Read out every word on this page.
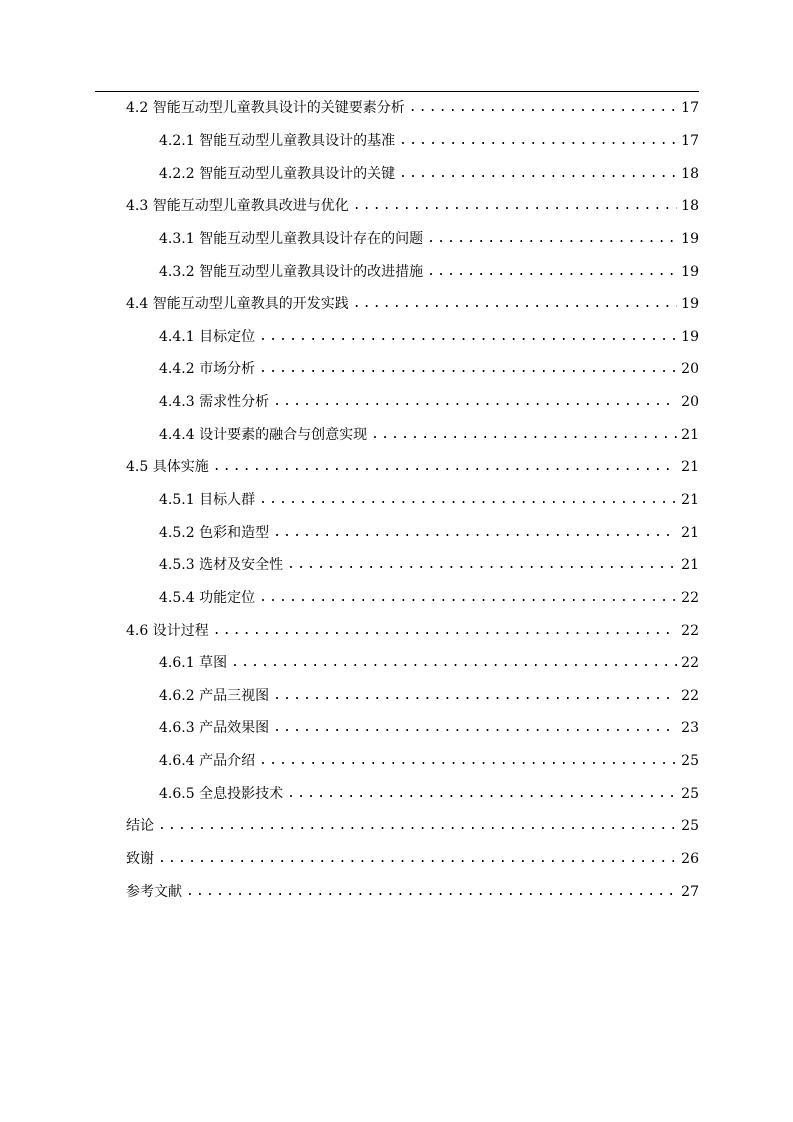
4.2 智能互动型儿童教具设计的关键要素分析 .....	17
4.2.1 智能互动型儿童教具设计的基准 .....	17
4.2.2 智能互动型儿童教具设计的关键 .....	18
4.3 智能互动型儿童教具改进与优化 .....	18
4.3.1 智能互动型儿童教具设计存在的问题 .....	19
4.3.2 智能互动型儿童教具设计的改进措施 .....	19
4.4 智能互动型儿童教具的开发实践 .....	19
4.4.1 目标定位 .....	19
4.4.2 市场分析 .....	20
4.4.3 需求性分析 .....	20
4.4.4 设计要素的融合与创意实现 .....	21
4.5 具体实施 .....	21
4.5.1 目标人群 .....	21
4.5.2 色彩和造型 .....	21
4.5.3 选材及安全性 .....	21
4.5.4 功能定位 .....	22
4.6 设计过程 .....	22
4.6.1 草图 .....	22
4.6.2 产品三视图 .....	22
4.6.3 产品效果图 .....	23
4.6.4 产品介绍 .....	25
4.6.5 全息投影技术 .....	25
结论 .....	25
致谢 .....	26
参考文献 .....	27
